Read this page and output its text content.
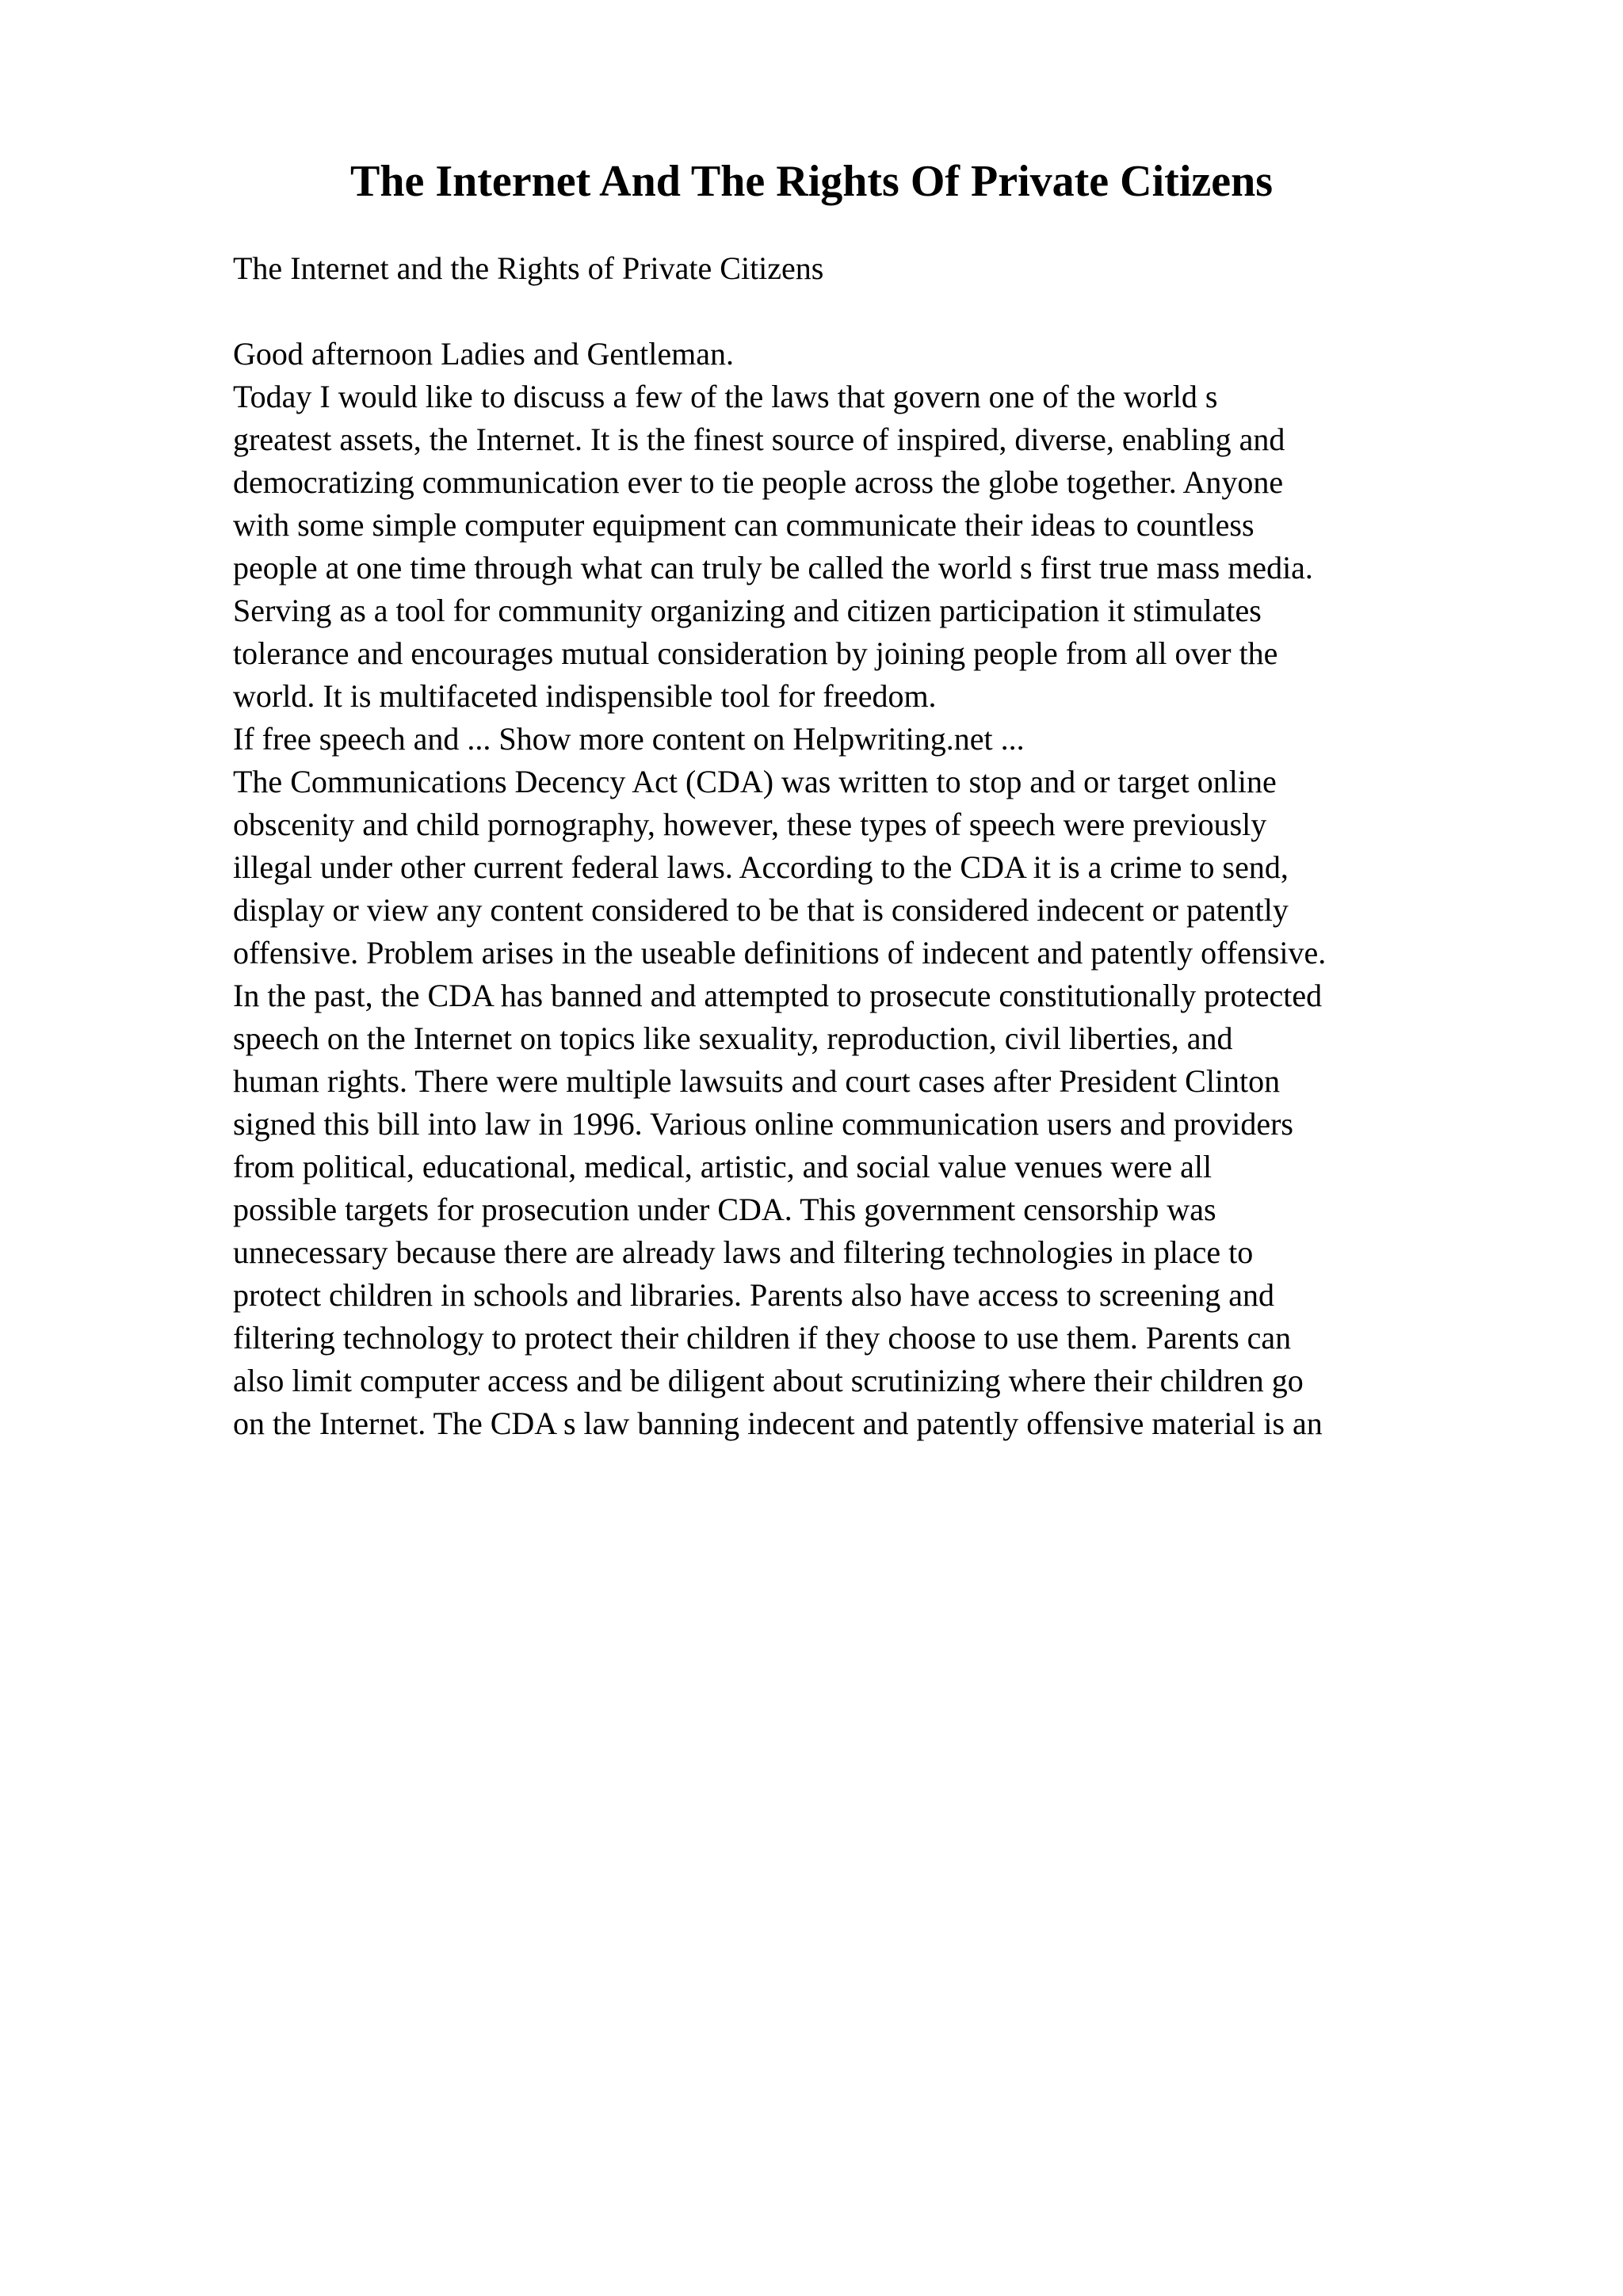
The Internet And The Rights Of Private Citizens

The Internet and the Rights of Private Citizens

Good afternoon Ladies and Gentleman.
Today I would like to discuss a few of the laws that govern one of the world s
greatest assets, the Internet. It is the finest source of inspired, diverse, enabling and
democratizing communication ever to tie people across the globe together. Anyone
with some simple computer equipment can communicate their ideas to countless
people at one time through what can truly be called the world s first true mass media.
Serving as a tool for community organizing and citizen participation it stimulates
tolerance and encourages mutual consideration by joining people from all over the
world. It is multifaceted indispensible tool for freedom.
If free speech and ... Show more content on Helpwriting.net ...
The Communications Decency Act (CDA) was written to stop and or target online
obscenity and child pornography, however, these types of speech were previously
illegal under other current federal laws. According to the CDA it is a crime to send,
display or view any content considered to be that is considered indecent or patently
offensive. Problem arises in the useable definitions of indecent and patently offensive.
In the past, the CDA has banned and attempted to prosecute constitutionally protected
speech on the Internet on topics like sexuality, reproduction, civil liberties, and
human rights. There were multiple lawsuits and court cases after President Clinton
signed this bill into law in 1996. Various online communication users and providers
from political, educational, medical, artistic, and social value venues were all
possible targets for prosecution under CDA. This government censorship was
unnecessary because there are already laws and filtering technologies in place to
protect children in schools and libraries. Parents also have access to screening and
filtering technology to protect their children if they choose to use them. Parents can
also limit computer access and be diligent about scrutinizing where their children go
on the Internet. The CDA s law banning indecent and patently offensive material is an
